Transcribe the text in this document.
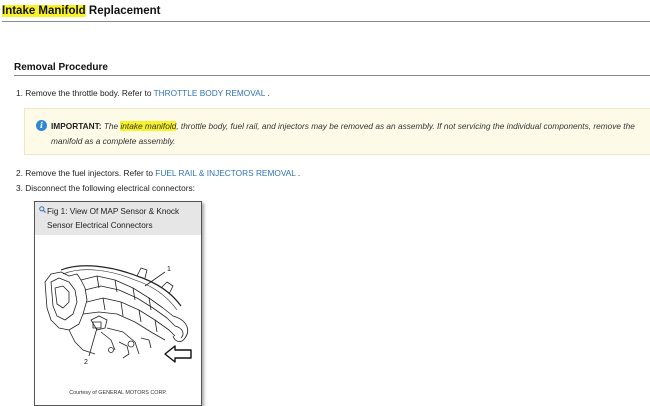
Intake Manifold Replacement
Removal Procedure
1. Remove the throttle body. Refer to THROTTLE BODY REMOVAL .
i IMPORTANT: The intake manifold, throttle body, fuel rail, and injectors may be removed as an assembly. If not servicing the individual components, remove the manifold as a complete assembly.
2. Remove the fuel injectors. Refer to FUEL RAIL & INJECTORS REMOVAL .
3. Disconnect the following electrical connectors:
Fig 1: View Of MAP Sensor & Knock Sensor Electrical Connectors
1
2
Courtesy of GENERAL MOTORS CORP.
